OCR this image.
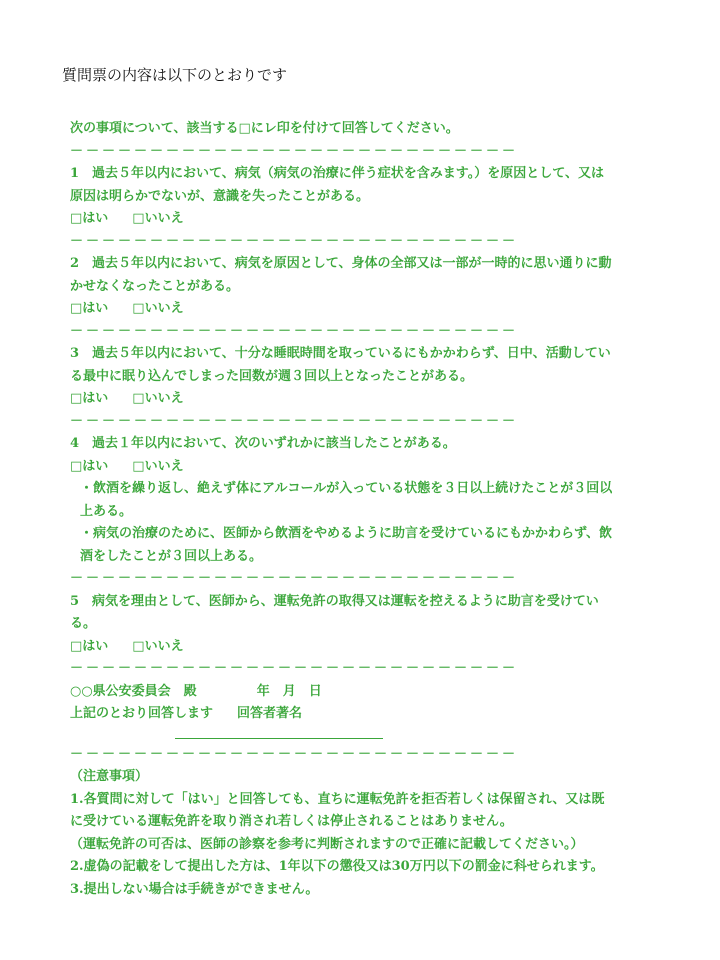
質問票の内容は以下のとおりです

次の事項について、該当する□にレ印を付けて回答してください。

－－－－－－－－－－－－－－－－－－－－－－－－－－－－

1　過去５年以内において、病気（病気の治療に伴う症状を含みます。）を原因として、又は原因は明らかでないが、意識を失ったことがある。

□はい □いいえ

－－－－－－－－－－－－－－－－－－－－－－－－－－－－

2　過去５年以内において、病気を原因として、身体の全部又は一部が一時的に思い通りに動かせなくなったことがある。

□はい □いいえ

－－－－－－－－－－－－－－－－－－－－－－－－－－－－

3　過去５年以内において、十分な睡眠時間を取っているにもかかわらず、日中、活動している最中に眠り込んでしまった回数が週３回以上となったことがある。

□はい □いいえ

－－－－－－－－－－－－－－－－－－－－－－－－－－－－

4　過去１年以内において、次のいずれかに該当したことがある。

□はい □いいえ

・飲酒を繰り返し、絶えず体にアルコールが入っている状態を３日以上続けたことが３回以上ある。

・病気の治療のために、医師から飲酒をやめるように助言を受けているにもかかわらず、飲酒をしたことが３回以上ある。

－－－－－－－－－－－－－－－－－－－－－－－－－－－－

5　病気を理由として、医師から、運転免許の取得又は運転を控えるように助言を受けている。

□はい □いいえ

－－－－－－－－－－－－－－－－－－－－－－－－－－－－

○○県公安委員会　殿	年　月　日

上記のとおり回答します 回答者著名

－－－－－－－－－－－－－－－－－－－－－－－－－－－－

（注意事項）

1.各質問に対して「はい」と回答しても、直ちに運転免許を拒否若しくは保留され、又は既に受けている運転免許を取り消され若しくは停止されることはありません。

（運転免許の可否は、医師の診察を参考に判断されますので正確に記載してください。）

2.虚偽の記載をして提出した方は、1年以下の懲役又は30万円以下の罰金に科せられます。

3.提出しない場合は手続きができません。
